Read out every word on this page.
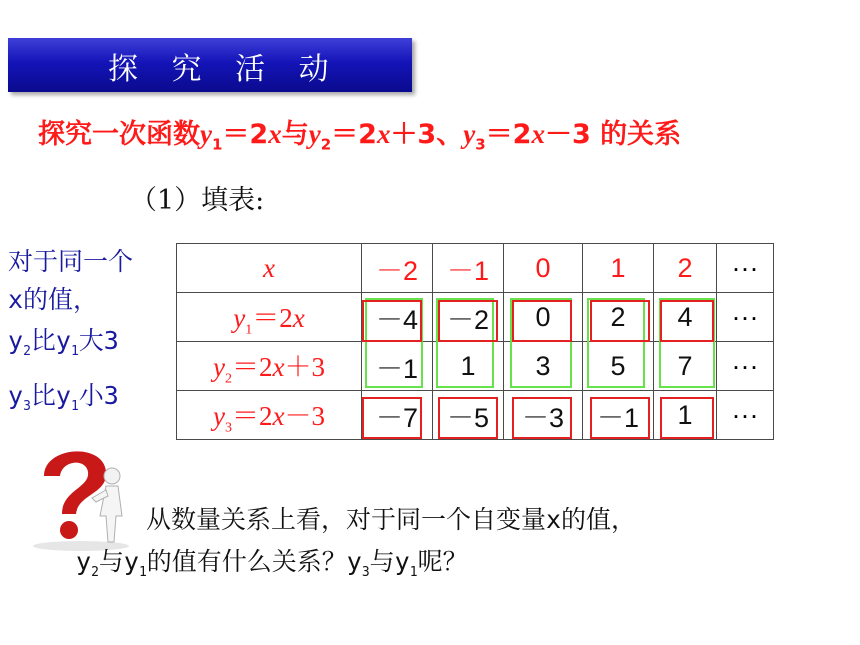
探 究 活 动
探究一次函数$y_1=2x$与$y_2=2x+3$、$y_3=2x-3$ 的关系
（1）填表:
对于同一个
x的值，
$y_2$比$y_1$大3
$y_3$比$y_1$小3
x	－2	－1	0	1	2	···
$y_1=2x$	－4	－2	0	2	4	···
$y_2=2x+3$	－1	1	3	5	7	···
$y_3=2x-3$	－7	－5	－3	－1	1	···
从数量关系上看，对于同一个自变量x的值，
$y_2$与$y_1$的值有什么关系？$y_3$与$y_1$呢？
